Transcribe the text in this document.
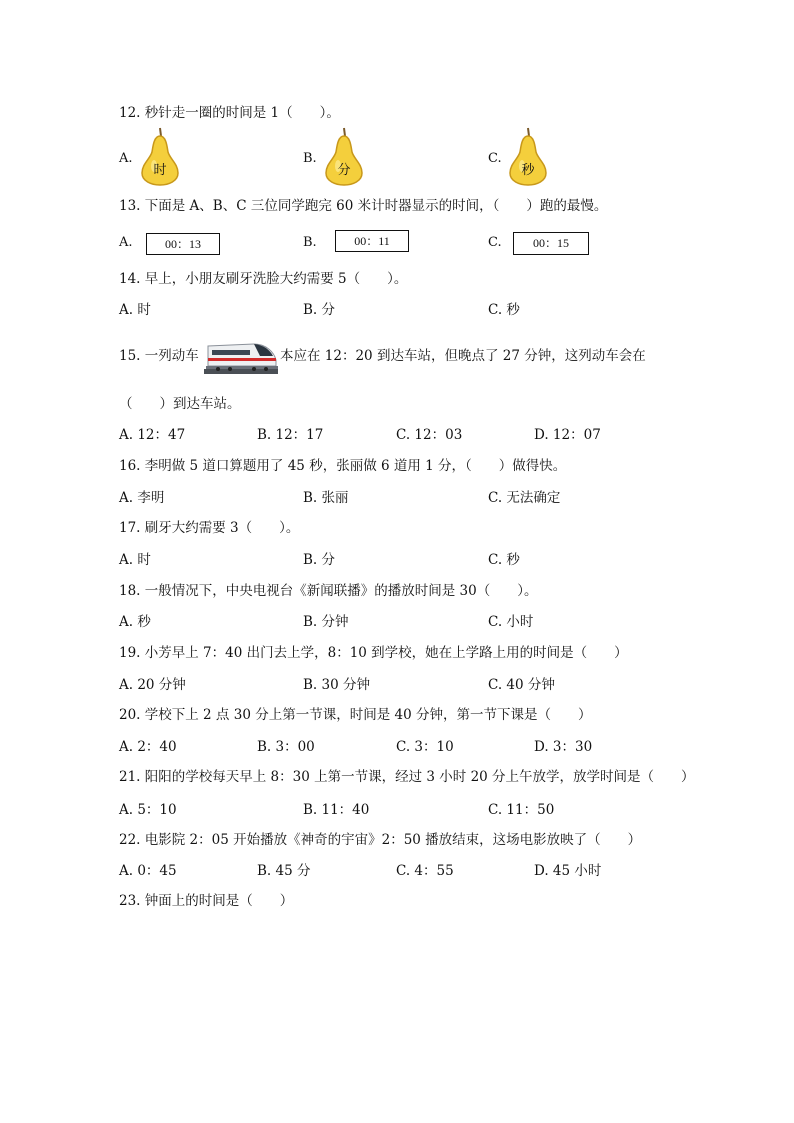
12. 秒针走一圈的时间是 1（　　）。
A.
时
B.
分
C.
秒
13. 下面是 A、B、C 三位同学跑完 60 米计时器显示的时间，（　　）跑的最慢。
A.	00：13	B.	00：11	C.	00：15
14. 早上，小朋友刷牙洗脸大约需要 5（　　）。
A. 时	B. 分	C. 秒
15. 一列动车	本应在 12：20 到达车站，但晚点了 27 分钟，这列动车会在
（　　）到达车站。
A. 12：47	B. 12：17	C. 12：03	D. 12：07
16. 李明做 5 道口算题用了 45 秒，张丽做 6 道用 1 分，（　　）做得快。
A. 李明	B. 张丽	C. 无法确定
17. 刷牙大约需要 3（　　）。
A. 时	B. 分	C. 秒
18. 一般情况下，中央电视台《新闻联播》的播放时间是 30（　　）。
A. 秒	B. 分钟	C. 小时
19. 小芳早上 7：40 出门去上学，8：10 到学校，她在上学路上用的时间是（　　）
A. 20 分钟	B. 30 分钟	C. 40 分钟
20. 学校下上 2 点 30 分上第一节课，时间是 40 分钟，第一节下课是（　　）
A. 2：40	B. 3：00	C. 3：10	D. 3：30
21. 阳阳的学校每天早上 8：30 上第一节课，经过 3 小时 20 分上午放学，放学时间是（　　）
A. 5：10	B. 11：40	C. 11：50
22. 电影院 2：05 开始播放《神奇的宇宙》2：50 播放结束，这场电影放映了（　　）
A. 0：45	B. 45 分	C. 4：55	D. 45 小时
23. 钟面上的时间是（　　）
